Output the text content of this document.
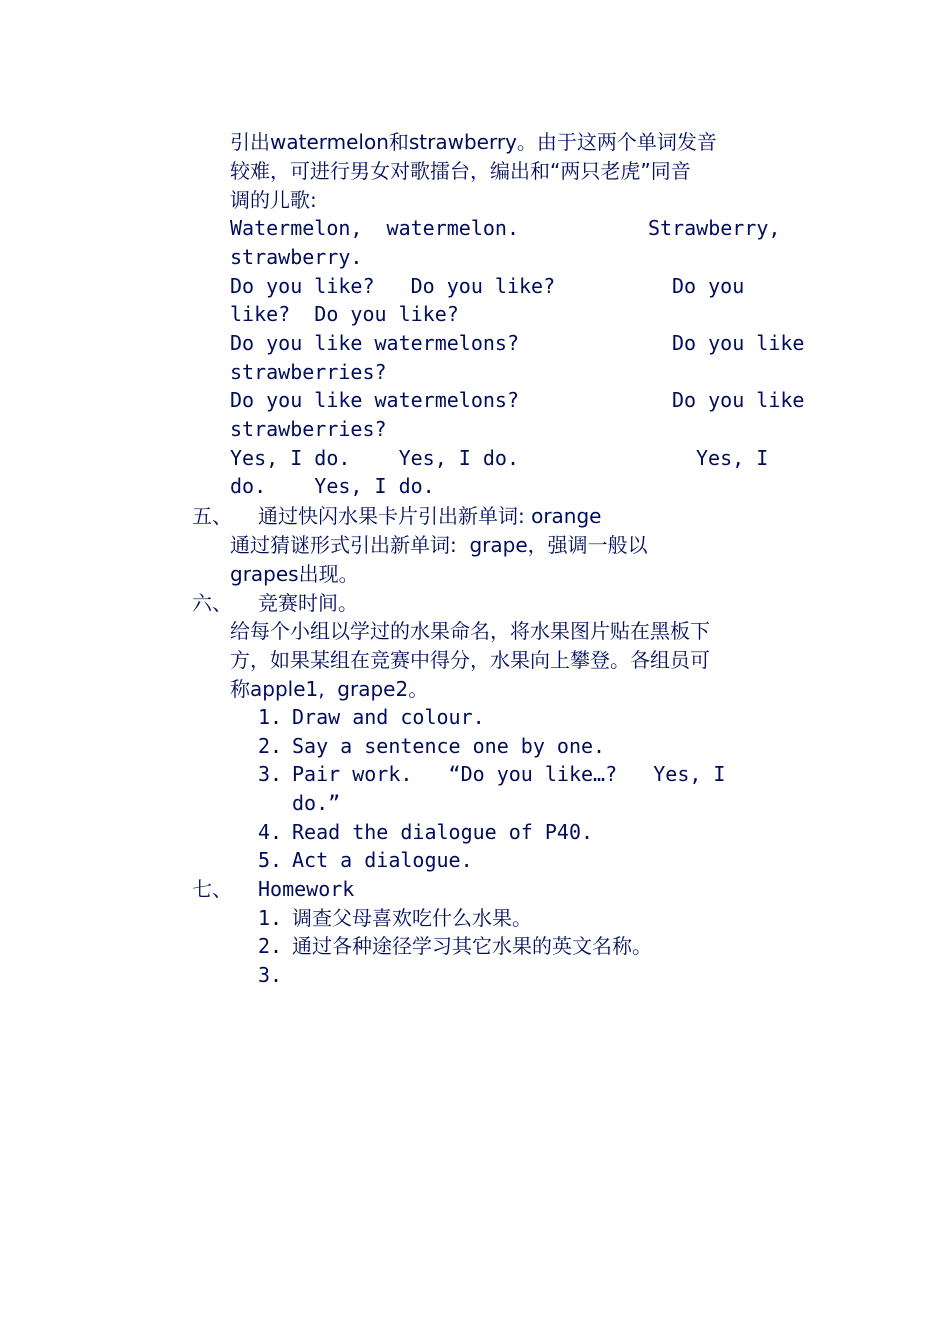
引出watermelon和strawberry。由于这两个单词发音
较难，可进行男女对歌擂台，编出和“两只老虎”同音
调的儿歌:
Watermelon,  watermelon.	Strawberry,
strawberry.
Do you like?   Do you like?	Do you
like?  Do you like?
Do you like watermelons?	Do you like
strawberries?
Do you like watermelons?	Do you like
strawberries?
Yes, I do.    Yes, I do.	Yes, I
do.    Yes, I do.
五、 通过快闪水果卡片引出新单词: orange
通过猜谜形式引出新单词:  grape，强调一般以
grapes出现。
六、 竞赛时间。
给每个小组以学过的水果命名，将水果图片贴在黑板下
方，如果某组在竞赛中得分，水果向上攀登。各组员可
称apple1,  grape2。
1. Draw and colour.
2. Say a sentence one by one.
3. Pair work.   “Do you like…?   Yes, I
do.”
4. Read the dialogue of P40.
5. Act a dialogue.
七、 Homework
1. 调查父母喜欢吃什么水果。
2. 通过各种途径学习其它水果的英文名称。
3.
